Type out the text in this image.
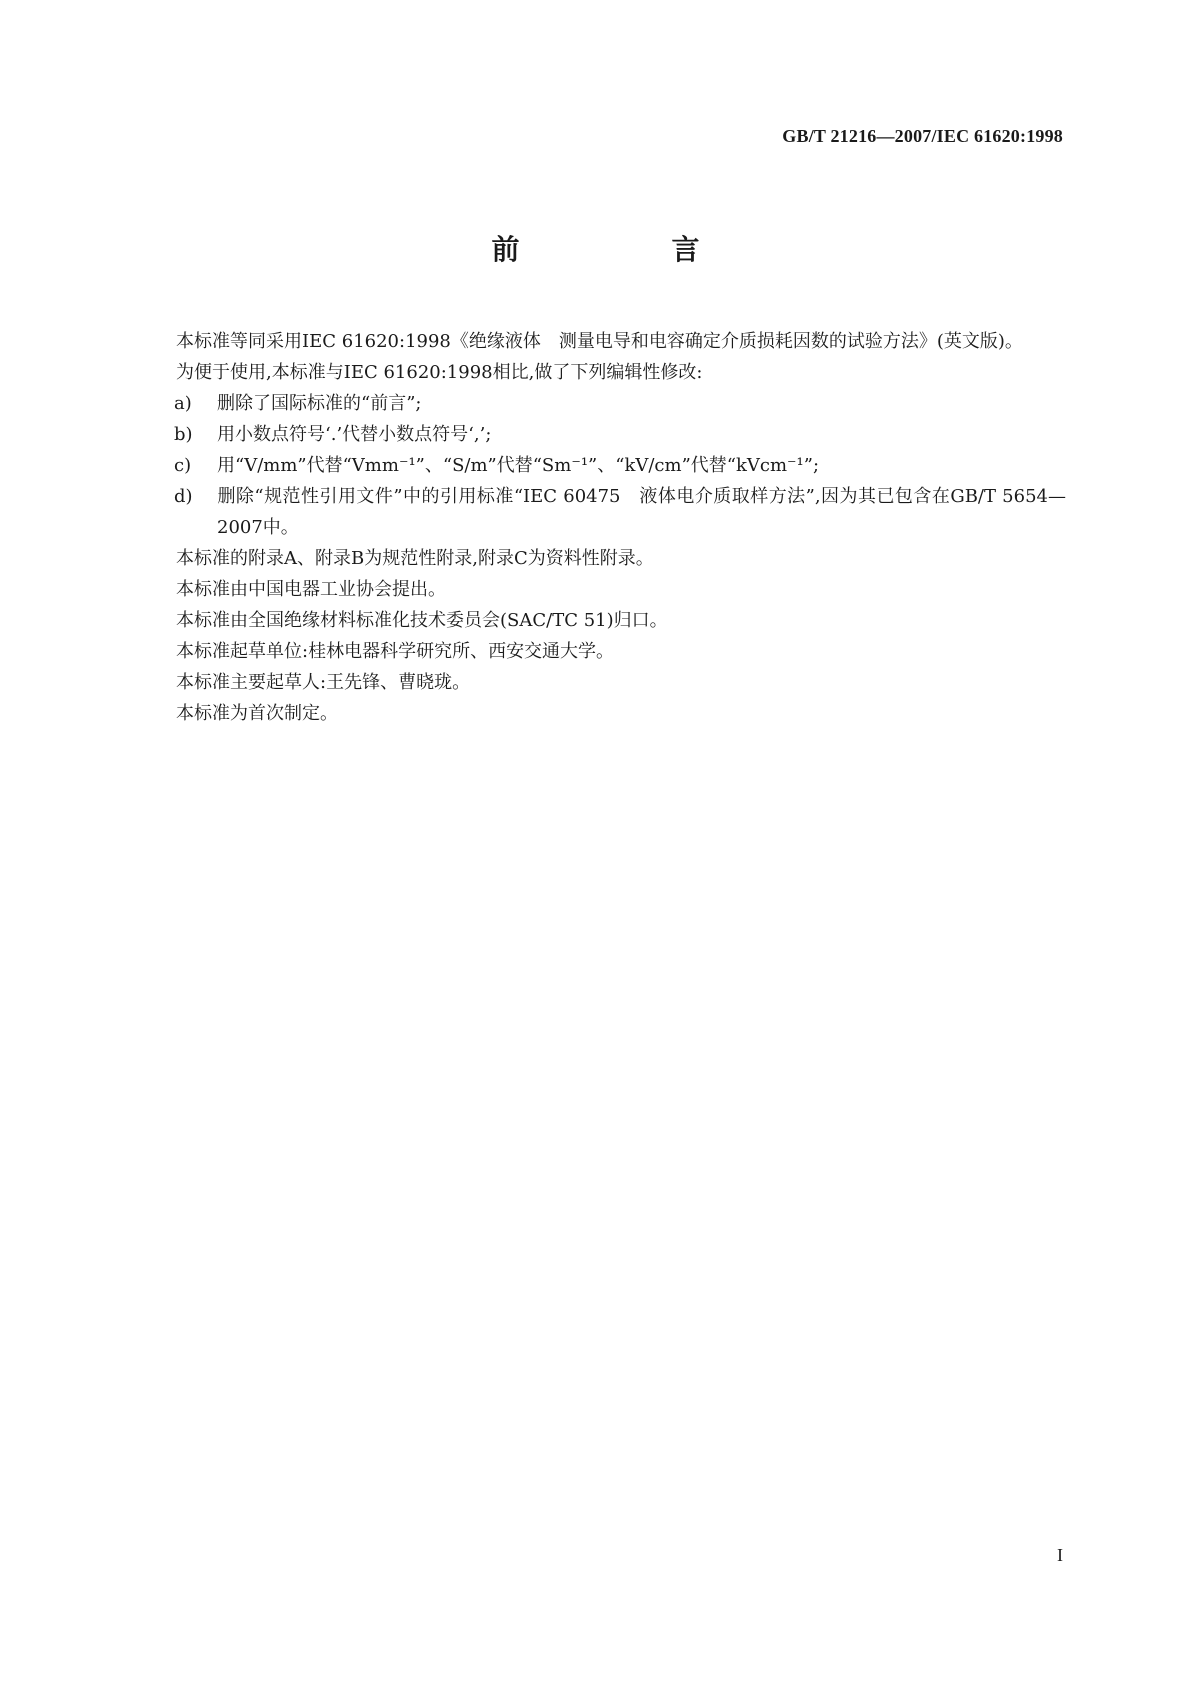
GB/T 21216—2007/IEC 61620:1998
前　言

本标准等同采用IEC 61620:1998《绝缘液体　测量电导和电容确定介质损耗因数的试验方法》(英文版)。

为便于使用,本标准与IEC 61620:1998相比,做了下列编辑性修改:

a) 删除了国际标准的“前言”;

b) 用小数点符号‘.’代替小数点符号‘,’;

c) 用“V/mm”代替“Vmm⁻¹”、“S/m”代替“Sm⁻¹”、“kV/cm”代替“kVcm⁻¹”;

d) 删除“规范性引用文件”中的引用标准“IEC 60475　液体电介质取样方法”,因为其已包含在GB/T 5654—2007中。

本标准的附录A、附录B为规范性附录,附录C为资料性附录。

本标准由中国电器工业协会提出。

本标准由全国绝缘材料标准化技术委员会(SAC/TC 51)归口。

本标准起草单位:桂林电器科学研究所、西安交通大学。

本标准主要起草人:王先锋、曹晓珑。

本标准为首次制定。

I
